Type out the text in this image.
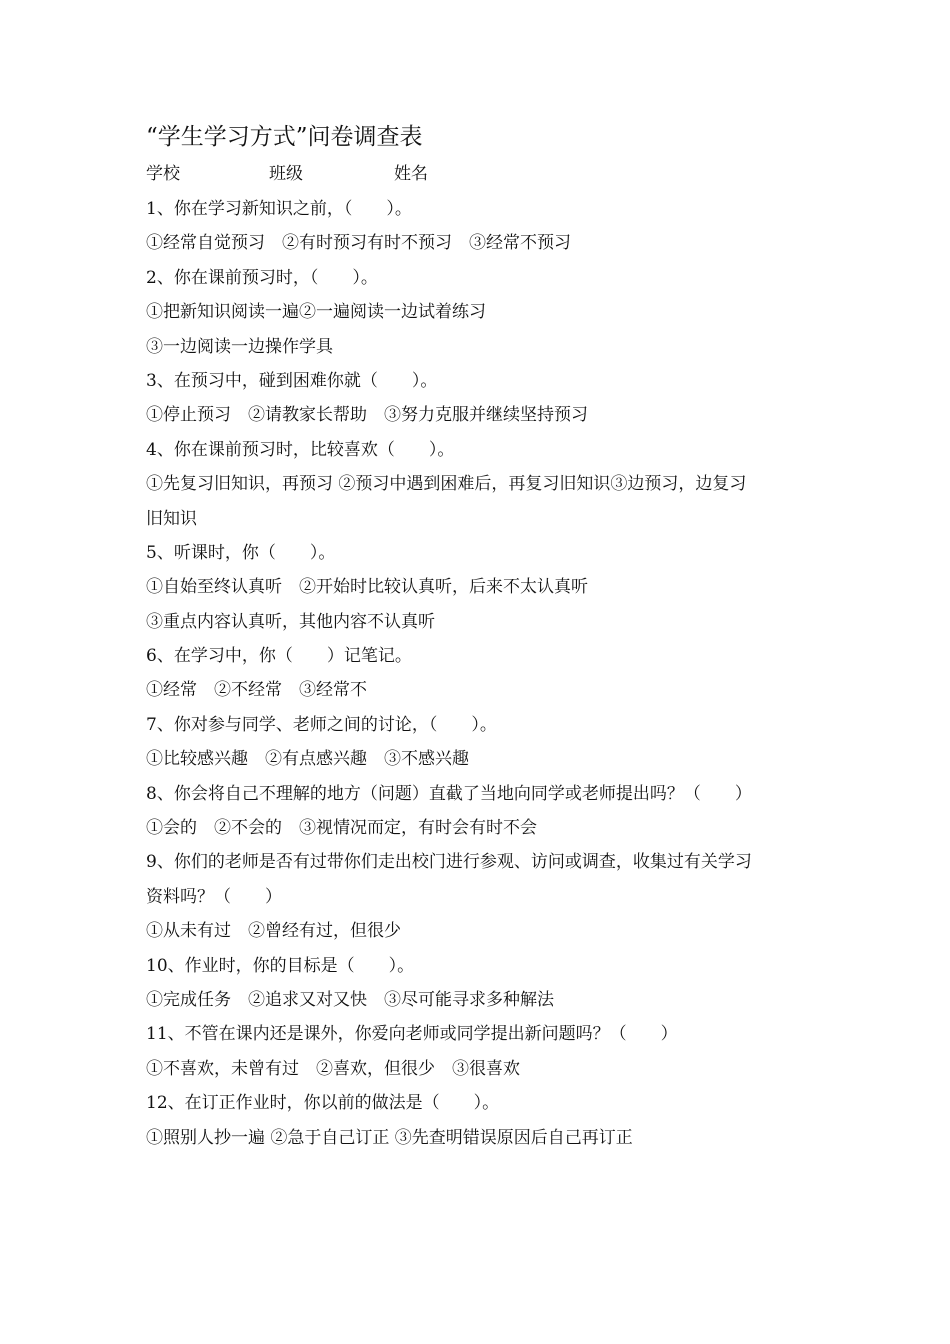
“学生学习方式”问卷调查表
学校	班级	姓名
1、你在学习新知识之前，（　　）。
①经常自觉预习　②有时预习有时不预习　③经常不预习
2、你在课前预习时，（　　）。
①把新知识阅读一遍②一遍阅读一边试着练习
③一边阅读一边操作学具
3、在预习中，碰到困难你就（　　）。
①停止预习　②请教家长帮助　③努力克服并继续坚持预习
4、你在课前预习时，比较喜欢（　　）。
①先复习旧知识，再预习 ②预习中遇到困难后，再复习旧知识③边预习，边复习
旧知识
5、听课时，你（　　）。
①自始至终认真听　②开始时比较认真听，后来不太认真听
③重点内容认真听，其他内容不认真听
6、在学习中，你（　　）记笔记。
①经常　②不经常　③经常不
7、你对参与同学、老师之间的讨论，（　　）。
①比较感兴趣　②有点感兴趣　③不感兴趣
8、你会将自己不理解的地方（问题）直截了当地向同学或老师提出吗？（　　）
①会的　②不会的　③视情况而定，有时会有时不会
9、你们的老师是否有过带你们走出校门进行参观、访问或调查，收集过有关学习
资料吗？（　　）
①从未有过　②曾经有过，但很少
10、作业时，你的目标是（　　）。
①完成任务　②追求又对又快　③尽可能寻求多种解法
11、不管在课内还是课外，你爱向老师或同学提出新问题吗？（　　）
①不喜欢，未曾有过　②喜欢，但很少　③很喜欢
12、在订正作业时，你以前的做法是（　　）。
①照别人抄一遍 ②急于自己订正 ③先查明错误原因后自己再订正
